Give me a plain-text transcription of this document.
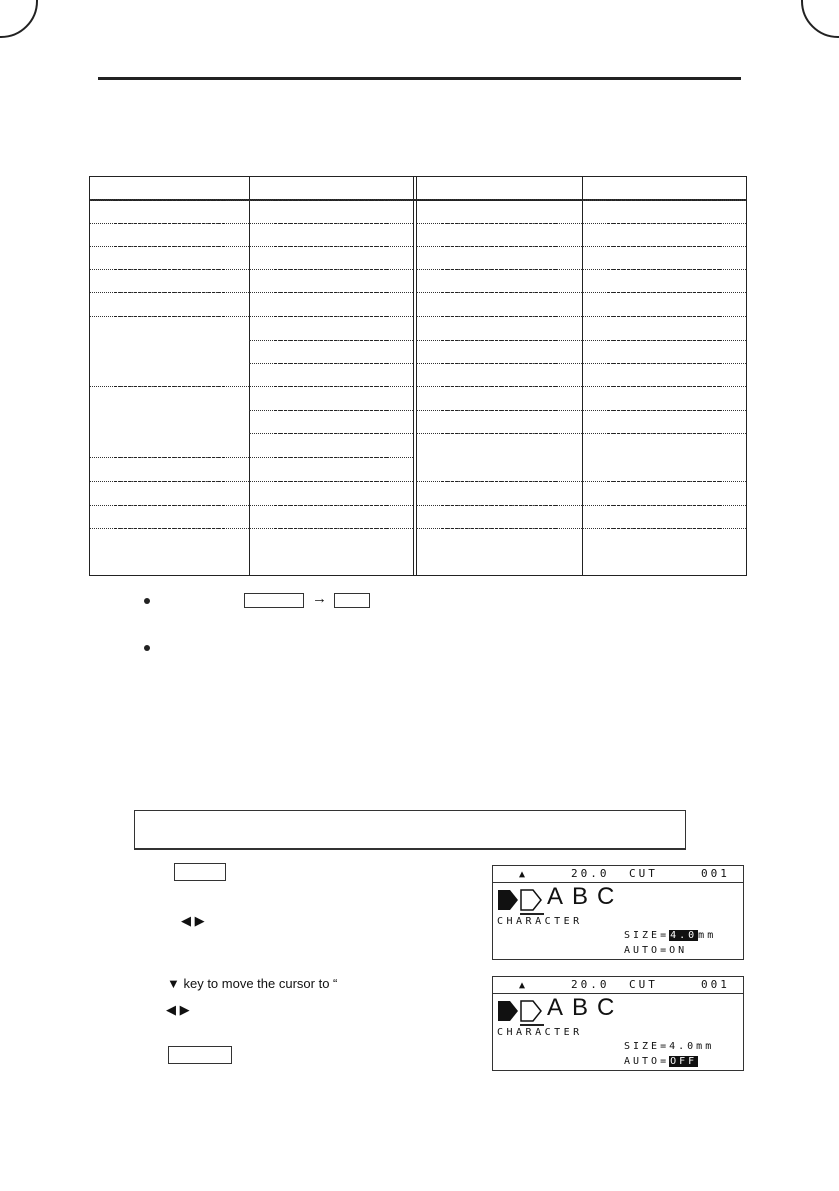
→
◀ ▶
▼ key to move the cursor to “
◀ ▶
▲	20.0 CUT	001
ABC
CHARACTER
SIZE=4.0mm
AUTO=ON
▲	20.0 CUT	001
ABC
CHARACTER
SIZE=4.0mm
AUTO=OFF
